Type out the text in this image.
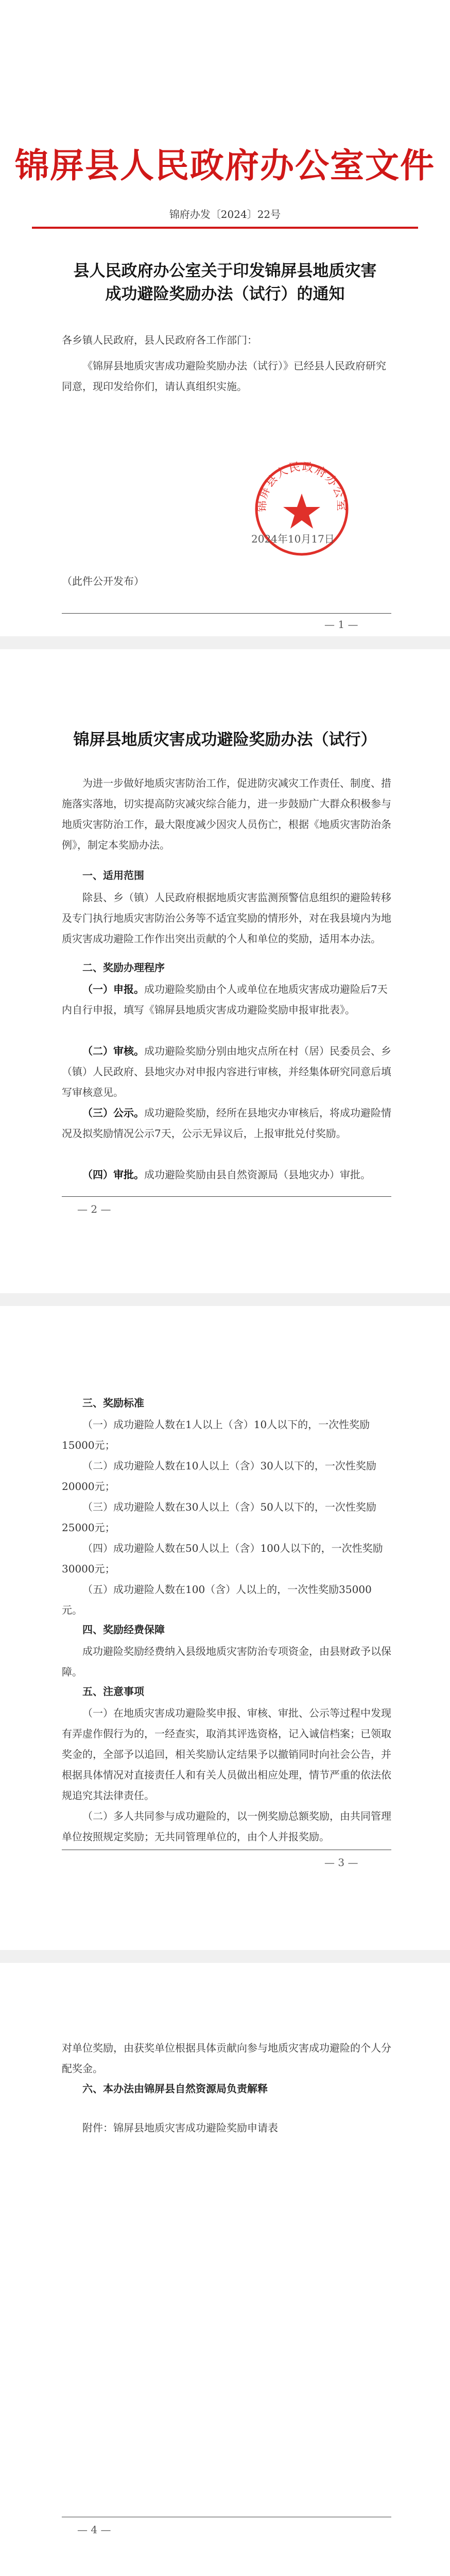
锦屏县人民政府办公室文件
锦府办发〔2024〕22号
县人民政府办公室关于印发锦屏县地质灾害
成功避险奖励办法（试行）的通知
各乡镇人民政府，县人民政府各工作部门：
《锦屏县地质灾害成功避险奖励办法（试行）》已经县人民政府研究同意，现印发给你们，请认真组织实施。
锦屏县人民政府办公室
2024年10月17日
（此件公开发布）
— 1 —
锦屏县地质灾害成功避险奖励办法（试行）
为进一步做好地质灾害防治工作，促进防灾减灾工作责任、制度、措施落实落地，切实提高防灾减灾综合能力，进一步鼓励广大群众积极参与地质灾害防治工作，最大限度减少因灾人员伤亡，根据《地质灾害防治条例》，制定本奖励办法。
一、适用范围
除县、乡（镇）人民政府根据地质灾害监测预警信息组织的避险转移及专门执行地质灾害防治公务等不适宜奖励的情形外，对在我县境内为地质灾害成功避险工作作出突出贡献的个人和单位的奖励，适用本办法。
二、奖励办理程序
（一）申报。成功避险奖励由个人或单位在地质灾害成功避险后7天内自行申报，填写《锦屏县地质灾害成功避险奖励申报审批表》。
（二）审核。成功避险奖励分别由地灾点所在村（居）民委员会、乡（镇）人民政府、县地灾办对申报内容进行审核，并经集体研究同意后填写审核意见。
（三）公示。成功避险奖励，经所在县地灾办审核后，将成功避险情况及拟奖励情况公示7天，公示无异议后，上报审批兑付奖励。
（四）审批。成功避险奖励由县自然资源局（县地灾办）审批。
— 2 —
三、奖励标准
（一）成功避险人数在1人以上（含）10人以下的，一次性奖励15000元；
（二）成功避险人数在10人以上（含）30人以下的，一次性奖励20000元；
（三）成功避险人数在30人以上（含）50人以下的，一次性奖励25000元；
（四）成功避险人数在50人以上（含）100人以下的，一次性奖励30000元；
（五）成功避险人数在100（含）人以上的，一次性奖励35000元。
四、奖励经费保障
成功避险奖励经费纳入县级地质灾害防治专项资金，由县财政予以保障。
五、注意事项
（一）在地质灾害成功避险奖申报、审核、审批、公示等过程中发现有弄虚作假行为的，一经查实，取消其评选资格，记入诚信档案；已领取奖金的，全部予以追回，相关奖励认定结果予以撤销同时向社会公告，并根据具体情况对直接责任人和有关人员做出相应处理，情节严重的依法依规追究其法律责任。
（二）多人共同参与成功避险的，以一例奖励总额奖励，由共同管理单位按照规定奖励；无共同管理单位的，由个人并报奖励。
— 3 —
对单位奖励，由获奖单位根据具体贡献向参与地质灾害成功避险的个人分配奖金。
六、本办法由锦屏县自然资源局负责解释
附件：锦屏县地质灾害成功避险奖励申请表
— 4 —
